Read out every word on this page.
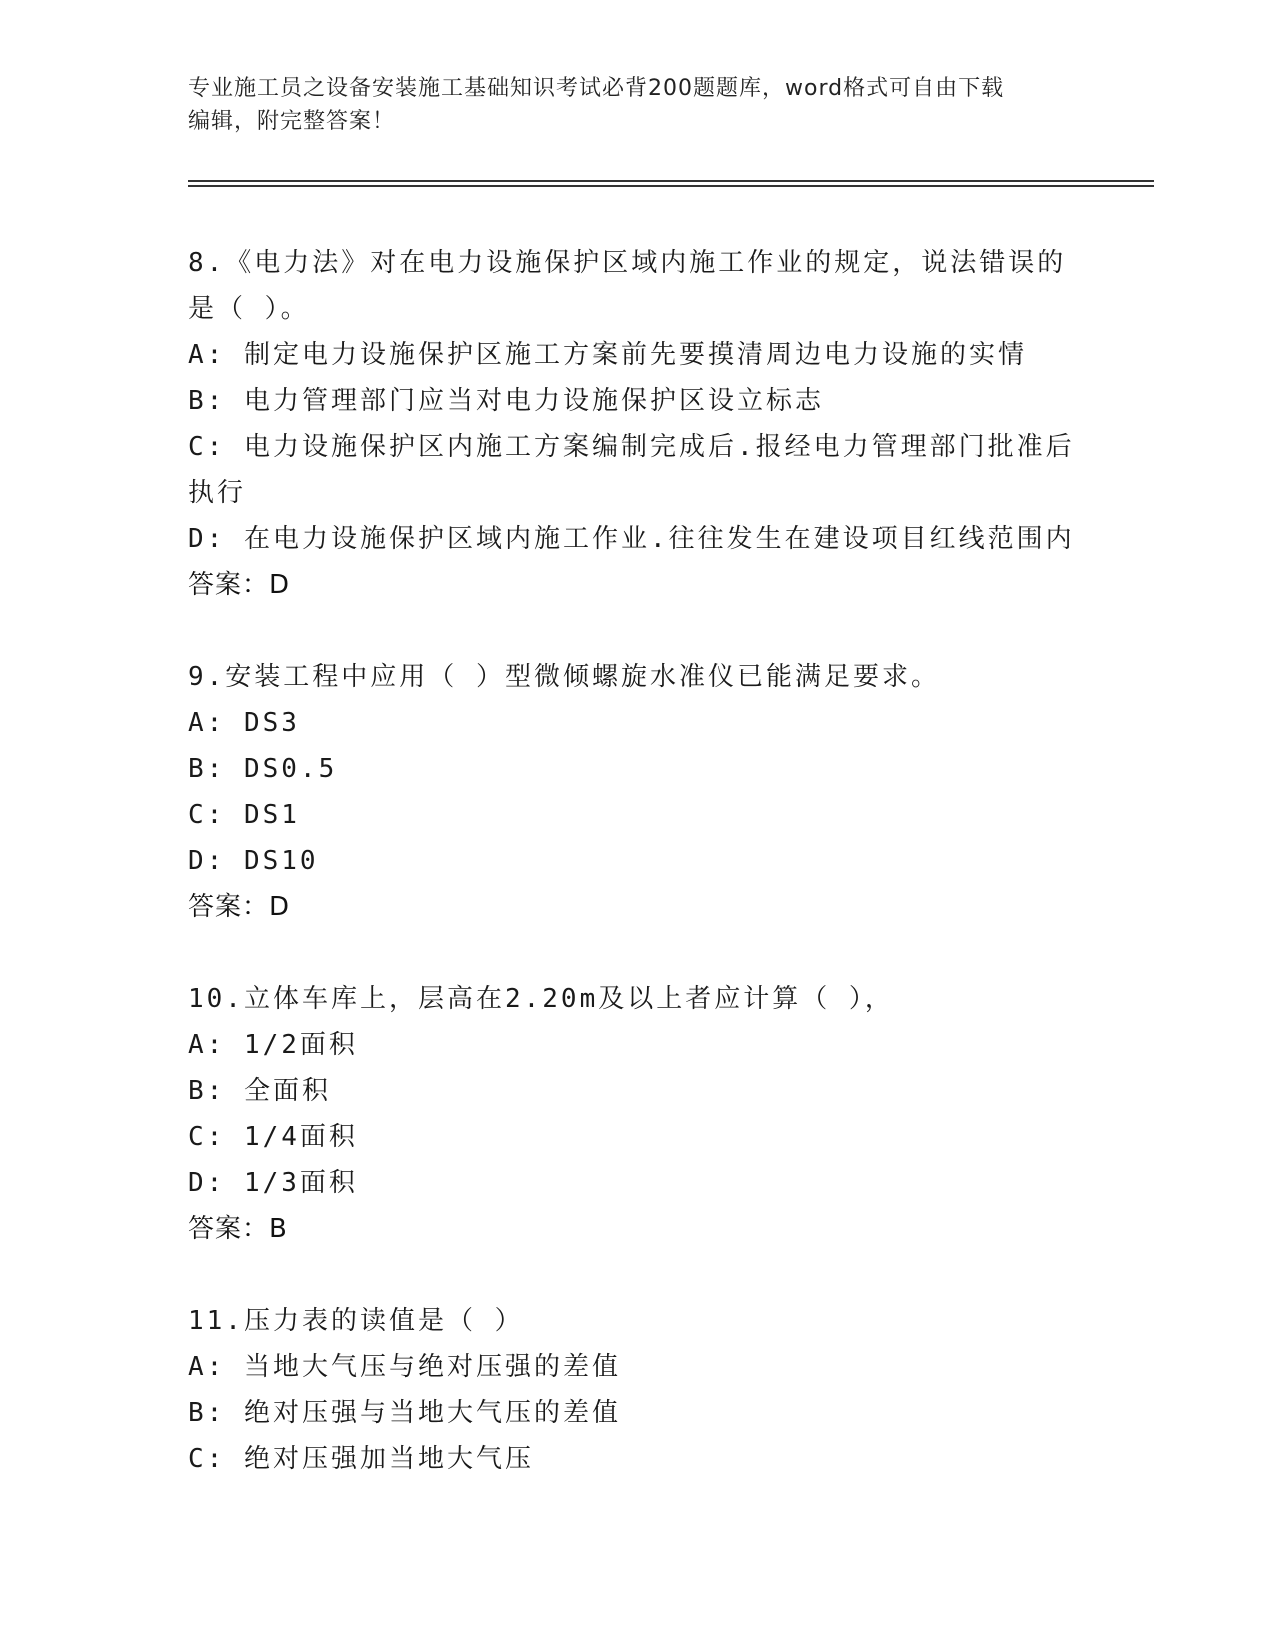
专业施工员之设备安装施工基础知识考试必背200题题库，word格式可自由下载
编辑，附完整答案！
8.《电力法》对在电力设施保护区域内施工作业的规定，说法错误的
是（ ）。
A: 制定电力设施保护区施工方案前先要摸清周边电力设施的实情
B: 电力管理部门应当对电力设施保护区设立标志
C: 电力设施保护区内施工方案编制完成后.报经电力管理部门批准后
执行
D: 在电力设施保护区域内施工作业.往往发生在建设项目红线范围内
答案：D
9.安装工程中应用（ ）型微倾螺旋水准仪已能满足要求。
A: DS3
B: DS0.5
C: DS1
D: DS10
答案：D
10.立体车库上，层高在2.20m及以上者应计算（ ），
A: 1/2面积
B: 全面积
C: 1/4面积
D: 1/3面积
答案：B
11.压力表的读值是（ ）
A: 当地大气压与绝对压强的差值
B: 绝对压强与当地大气压的差值
C: 绝对压强加当地大气压
